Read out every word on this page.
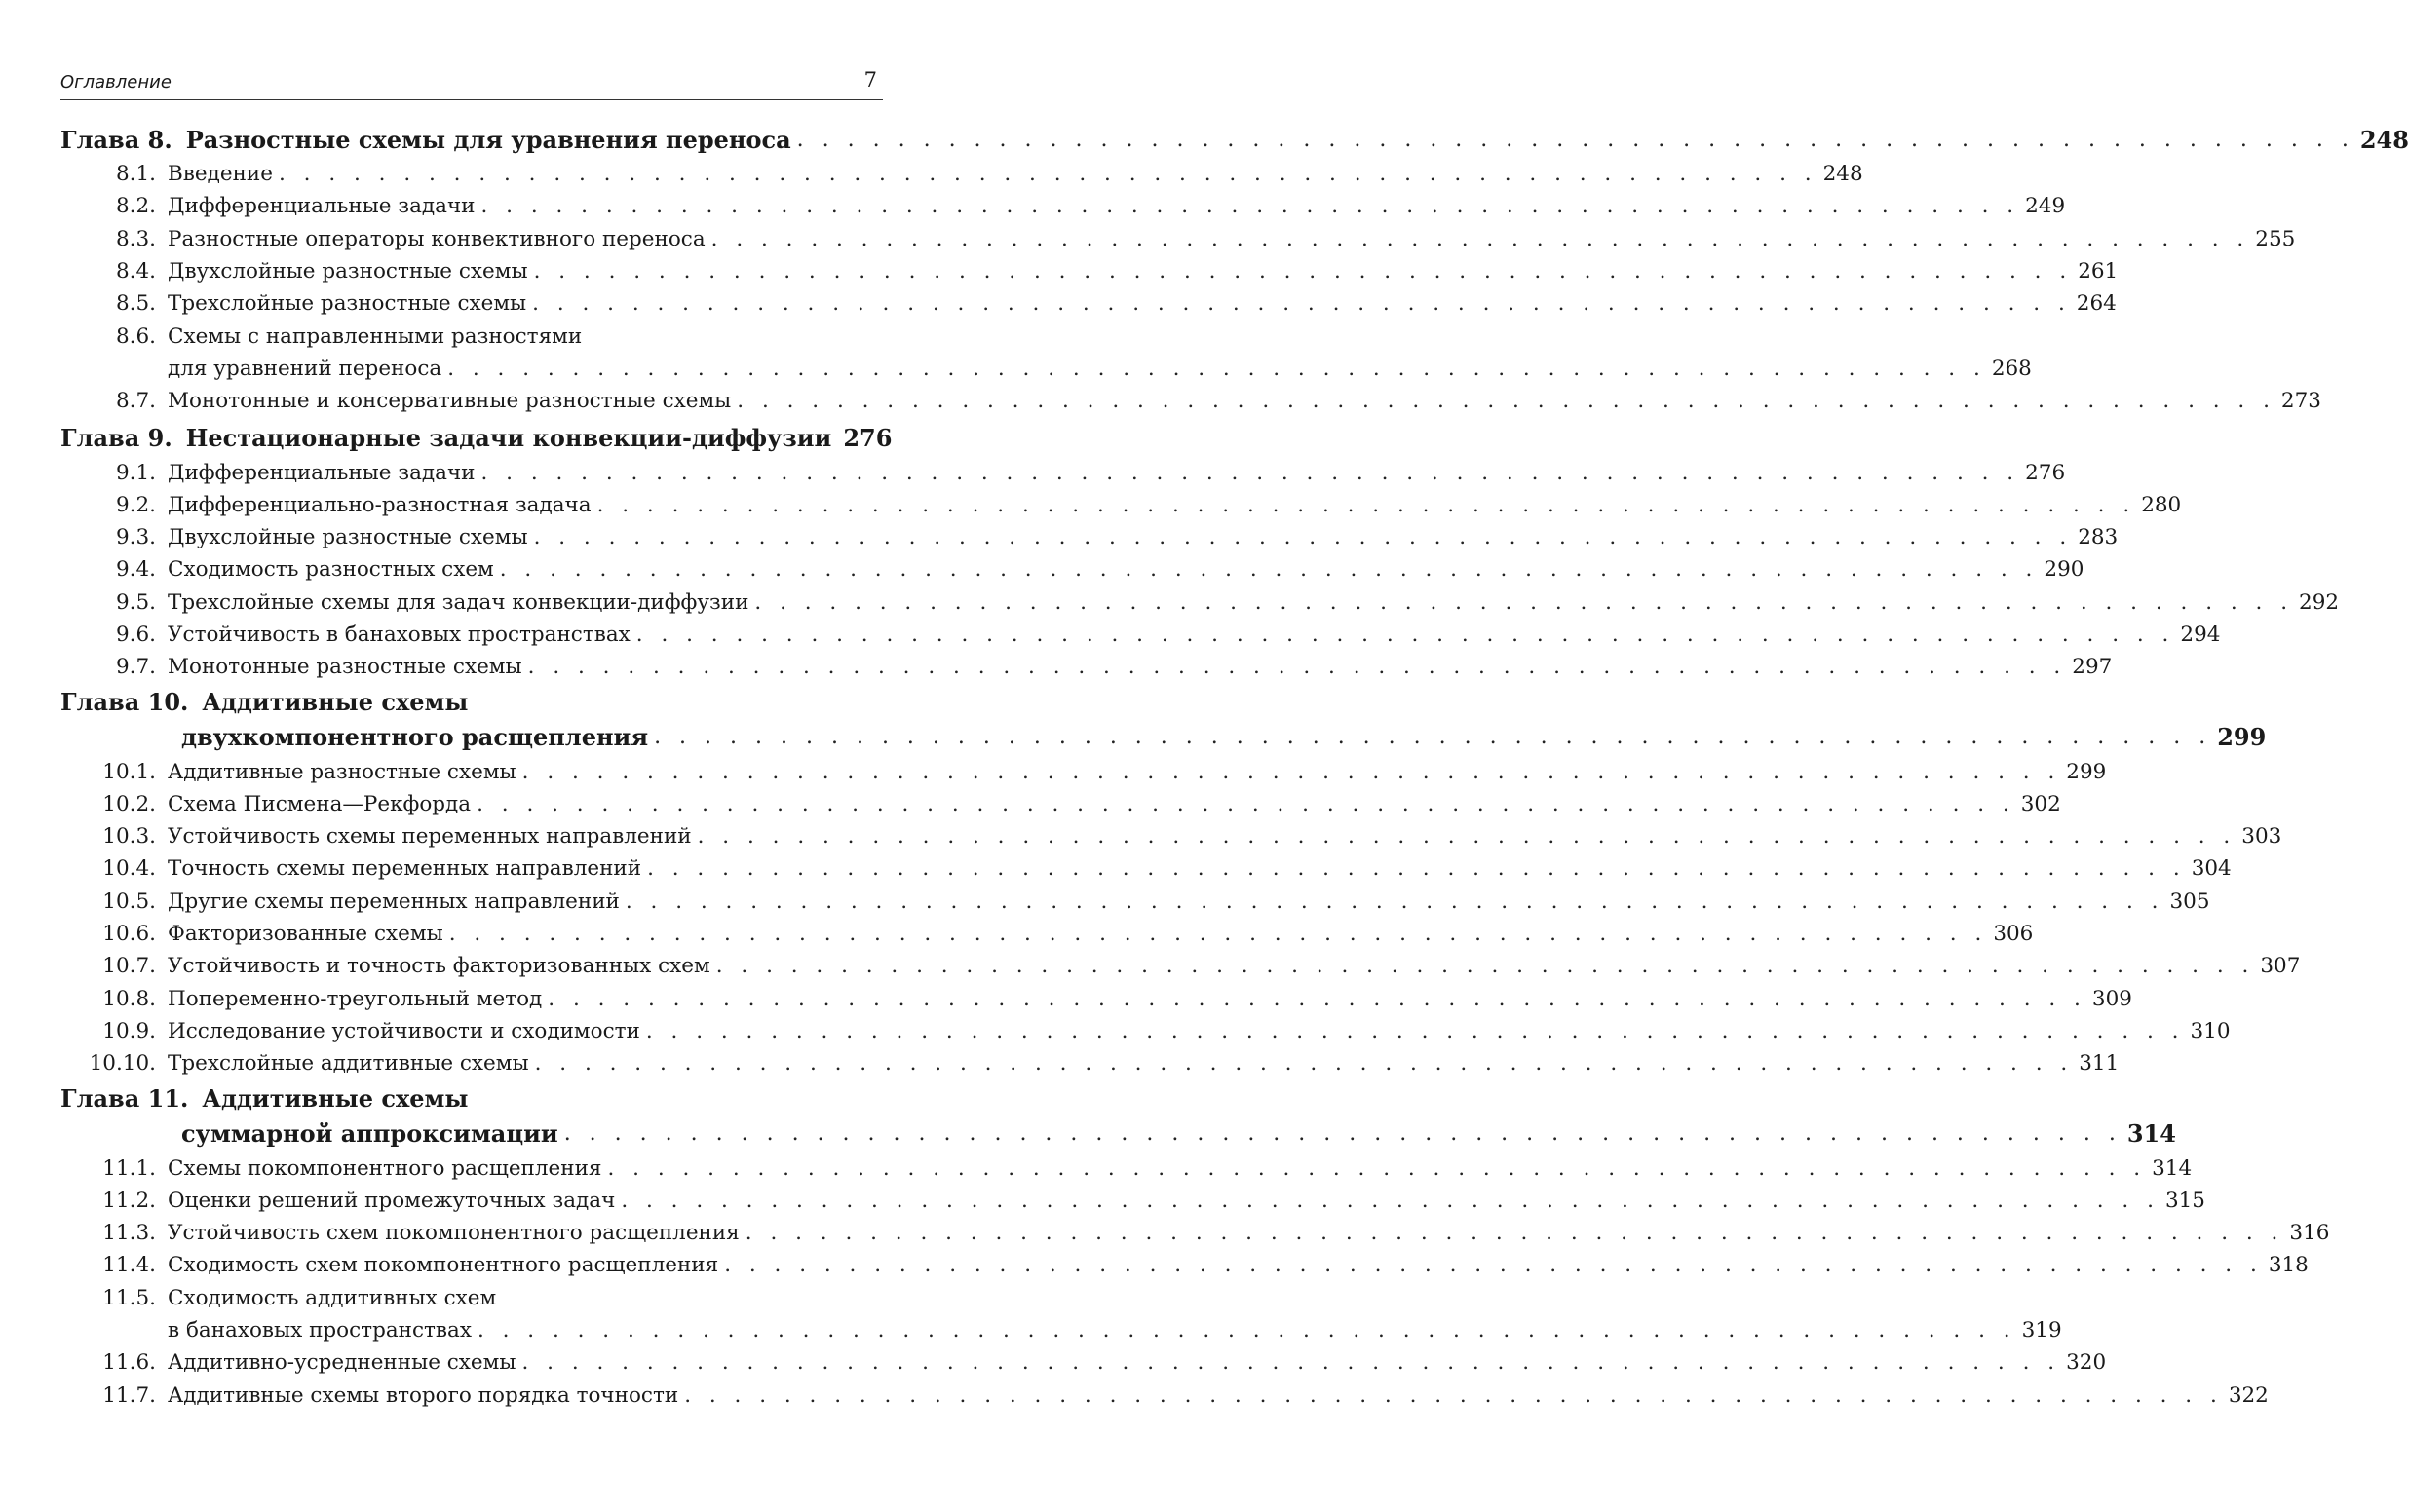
Оглавление	7
Глава 8. Разностные схемы для уравнения переноса . . . . . . . . . . . . . . . . . . . . . . . . . . . . . . . . . . . . . . . . . . . . . . . . . . . . . . . . . . . . . . 248
8.1. Введение . . . . . . . . . . . . . . . . . . . . . . . . . . . . . . . . . . . . . . . . . . . . . . . . . . . . . . . . . . . . . . 248
8.2. Дифференциальные задачи . . . . . . . . . . . . . . . . . . . . . . . . . . . . . . . . . . . . . . . . . . . . . . . . . . . . . . . . . . . . . . 249
8.3. Разностные операторы конвективного переноса . . . . . . . . . . . . . . . . . . . . . . . . . . . . . . . . . . . . . . . . . . . . . . . . . . . . . . . . . . . . . . 255
8.4. Двухслойные разностные схемы . . . . . . . . . . . . . . . . . . . . . . . . . . . . . . . . . . . . . . . . . . . . . . . . . . . . . . . . . . . . . . 261
8.5. Трехслойные разностные схемы . . . . . . . . . . . . . . . . . . . . . . . . . . . . . . . . . . . . . . . . . . . . . . . . . . . . . . . . . . . . . . 264
8.6. Схемы с направленными разностями
для уравнений переноса . . . . . . . . . . . . . . . . . . . . . . . . . . . . . . . . . . . . . . . . . . . . . . . . . . . . . . . . . . . . . . 268
8.7. Монотонные и консервативные разностные схемы . . . . . . . . . . . . . . . . . . . . . . . . . . . . . . . . . . . . . . . . . . . . . . . . . . . . . . . . . . . . . . 273
Глава 9. Нестационарные задачи конвекции-диффузии 276
9.1. Дифференциальные задачи . . . . . . . . . . . . . . . . . . . . . . . . . . . . . . . . . . . . . . . . . . . . . . . . . . . . . . . . . . . . . . 276
9.2. Дифференциально-разностная задача . . . . . . . . . . . . . . . . . . . . . . . . . . . . . . . . . . . . . . . . . . . . . . . . . . . . . . . . . . . . . . 280
9.3. Двухслойные разностные схемы . . . . . . . . . . . . . . . . . . . . . . . . . . . . . . . . . . . . . . . . . . . . . . . . . . . . . . . . . . . . . . 283
9.4. Сходимость разностных схем . . . . . . . . . . . . . . . . . . . . . . . . . . . . . . . . . . . . . . . . . . . . . . . . . . . . . . . . . . . . . . 290
9.5. Трехслойные схемы для задач конвекции-диффузии . . . . . . . . . . . . . . . . . . . . . . . . . . . . . . . . . . . . . . . . . . . . . . . . . . . . . . . . . . . . . . 292
9.6. Устойчивость в банаховых пространствах . . . . . . . . . . . . . . . . . . . . . . . . . . . . . . . . . . . . . . . . . . . . . . . . . . . . . . . . . . . . . . 294
9.7. Монотонные разностные схемы . . . . . . . . . . . . . . . . . . . . . . . . . . . . . . . . . . . . . . . . . . . . . . . . . . . . . . . . . . . . . . 297
Глава 10. Аддитивные схемы
двухкомпонентного расщепления . . . . . . . . . . . . . . . . . . . . . . . . . . . . . . . . . . . . . . . . . . . . . . . . . . . . . . . . . . . . . . 299
10.1. Аддитивные разностные схемы . . . . . . . . . . . . . . . . . . . . . . . . . . . . . . . . . . . . . . . . . . . . . . . . . . . . . . . . . . . . . . 299
10.2. Схема Писмена—Рекфорда . . . . . . . . . . . . . . . . . . . . . . . . . . . . . . . . . . . . . . . . . . . . . . . . . . . . . . . . . . . . . . 302
10.3. Устойчивость схемы переменных направлений . . . . . . . . . . . . . . . . . . . . . . . . . . . . . . . . . . . . . . . . . . . . . . . . . . . . . . . . . . . . . . 303
10.4. Точность схемы переменных направлений . . . . . . . . . . . . . . . . . . . . . . . . . . . . . . . . . . . . . . . . . . . . . . . . . . . . . . . . . . . . . . 304
10.5. Другие схемы переменных направлений . . . . . . . . . . . . . . . . . . . . . . . . . . . . . . . . . . . . . . . . . . . . . . . . . . . . . . . . . . . . . . 305
10.6. Факторизованные схемы . . . . . . . . . . . . . . . . . . . . . . . . . . . . . . . . . . . . . . . . . . . . . . . . . . . . . . . . . . . . . . 306
10.7. Устойчивость и точность факторизованных схем . . . . . . . . . . . . . . . . . . . . . . . . . . . . . . . . . . . . . . . . . . . . . . . . . . . . . . . . . . . . . . 307
10.8. Попеременно-треугольный метод . . . . . . . . . . . . . . . . . . . . . . . . . . . . . . . . . . . . . . . . . . . . . . . . . . . . . . . . . . . . . . 309
10.9. Исследование устойчивости и сходимости . . . . . . . . . . . . . . . . . . . . . . . . . . . . . . . . . . . . . . . . . . . . . . . . . . . . . . . . . . . . . . 310
10.10. Трехслойные аддитивные схемы . . . . . . . . . . . . . . . . . . . . . . . . . . . . . . . . . . . . . . . . . . . . . . . . . . . . . . . . . . . . . . 311
Глава 11. Аддитивные схемы
суммарной аппроксимации . . . . . . . . . . . . . . . . . . . . . . . . . . . . . . . . . . . . . . . . . . . . . . . . . . . . . . . . . . . . . . 314
11.1. Схемы покомпонентного расщепления . . . . . . . . . . . . . . . . . . . . . . . . . . . . . . . . . . . . . . . . . . . . . . . . . . . . . . . . . . . . . . 314
11.2. Оценки решений промежуточных задач . . . . . . . . . . . . . . . . . . . . . . . . . . . . . . . . . . . . . . . . . . . . . . . . . . . . . . . . . . . . . . 315
11.3. Устойчивость схем покомпонентного расщепления . . . . . . . . . . . . . . . . . . . . . . . . . . . . . . . . . . . . . . . . . . . . . . . . . . . . . . . . . . . . . . 316
11.4. Сходимость схем покомпонентного расщепления . . . . . . . . . . . . . . . . . . . . . . . . . . . . . . . . . . . . . . . . . . . . . . . . . . . . . . . . . . . . . . 318
11.5. Сходимость аддитивных схем
в банаховых пространствах . . . . . . . . . . . . . . . . . . . . . . . . . . . . . . . . . . . . . . . . . . . . . . . . . . . . . . . . . . . . . . 319
11.6. Аддитивно-усредненные схемы . . . . . . . . . . . . . . . . . . . . . . . . . . . . . . . . . . . . . . . . . . . . . . . . . . . . . . . . . . . . . . 320
11.7. Аддитивные схемы второго порядка точности . . . . . . . . . . . . . . . . . . . . . . . . . . . . . . . . . . . . . . . . . . . . . . . . . . . . . . . . . . . . . . 322
